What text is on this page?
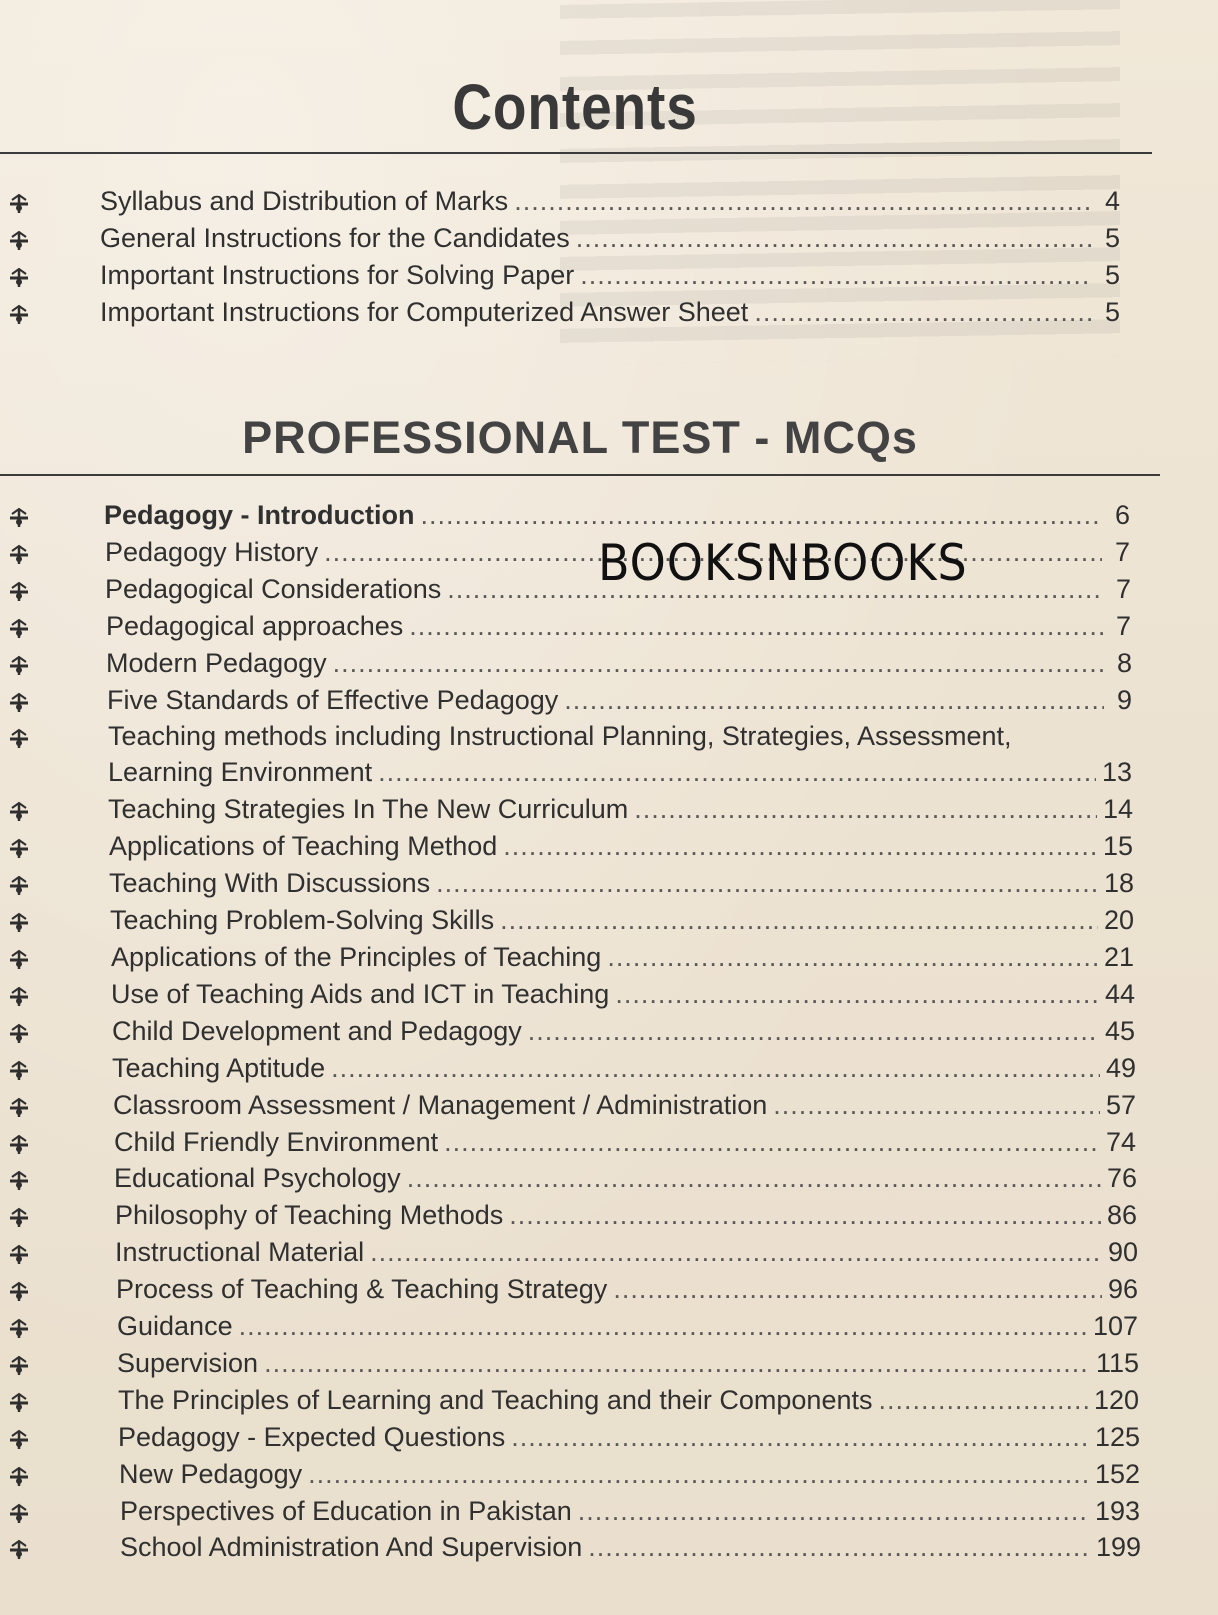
Contents
Syllabus and Distribution of Marks .....	4
General Instructions for the Candidates .....	5
Important Instructions for Solving Paper .....	5
Important Instructions for Computerized Answer Sheet .....	5
PROFESSIONAL TEST - MCQs
Pedagogy - Introduction .....	6
Pedagogy History .....	7
Pedagogical Considerations .....	7
Pedagogical approaches .....	7
Modern Pedagogy .....	8
Five Standards of Effective Pedagogy .....	9
Teaching methods including Instructional Planning, Strategies, Assessment,
Learning Environment .....	13
Teaching Strategies In The New Curriculum .....	14
Applications of Teaching Method .....	15
Teaching With Discussions .....	18
Teaching Problem-Solving Skills .....	20
Applications of the Principles of Teaching .....	21
Use of Teaching Aids and ICT in Teaching .....	44
Child Development and Pedagogy .....	45
Teaching Aptitude .....	49
Classroom Assessment / Management / Administration .....	57
Child Friendly Environment .....	74
Educational Psychology .....	76
Philosophy of Teaching Methods .....	86
Instructional Material .....	90
Process of Teaching & Teaching Strategy .....	96
Guidance .....	107
Supervision .....	115
The Principles of Learning and Teaching and their Components .....	120
Pedagogy - Expected Questions .....	125
New Pedagogy .....	152
Perspectives of Education in Pakistan .....	193
School Administration And Supervision .....	199
BOOKSNBOOKS
